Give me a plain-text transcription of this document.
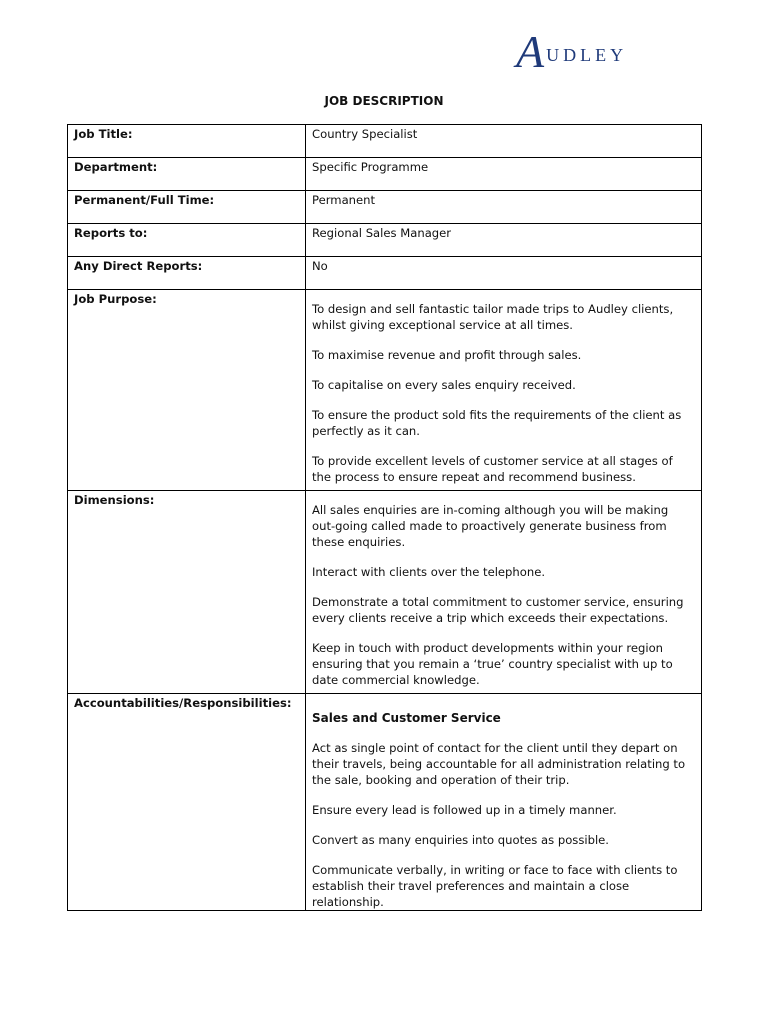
A UDLEY
JOB DESCRIPTION
Job Title:	Country Specialist
Department:	Specific Programme
Permanent/Full Time:	Permanent
Reports to:	Regional Sales Manager
Any Direct Reports:	No
Job Purpose:	To design and sell fantastic tailor made trips to Audley clients, whilst giving exceptional service at all times.

To maximise revenue and profit through sales.

To capitalise on every sales enquiry received.

To ensure the product sold fits the requirements of the client as perfectly as it can.

To provide excellent levels of customer service at all stages of the process to ensure repeat and recommend business.

Dimensions:	All sales enquiries are in-coming although you will be making out-going called made to proactively generate business from these enquiries.

Interact with clients over the telephone.

Demonstrate a total commitment to customer service, ensuring every clients receive a trip which exceeds their expectations.

Keep in touch with product developments within your region ensuring that you remain a ‘true’ country specialist with up to date commercial knowledge.

Accountabilities/Responsibilities:	Sales and Customer Service

Act as single point of contact for the client until they depart on their travels, being accountable for all administration relating to the sale, booking and operation of their trip.

Ensure every lead is followed up in a timely manner.

Convert as many enquiries into quotes as possible.

Communicate verbally, in writing or face to face with clients to establish their travel preferences and maintain a close relationship.
